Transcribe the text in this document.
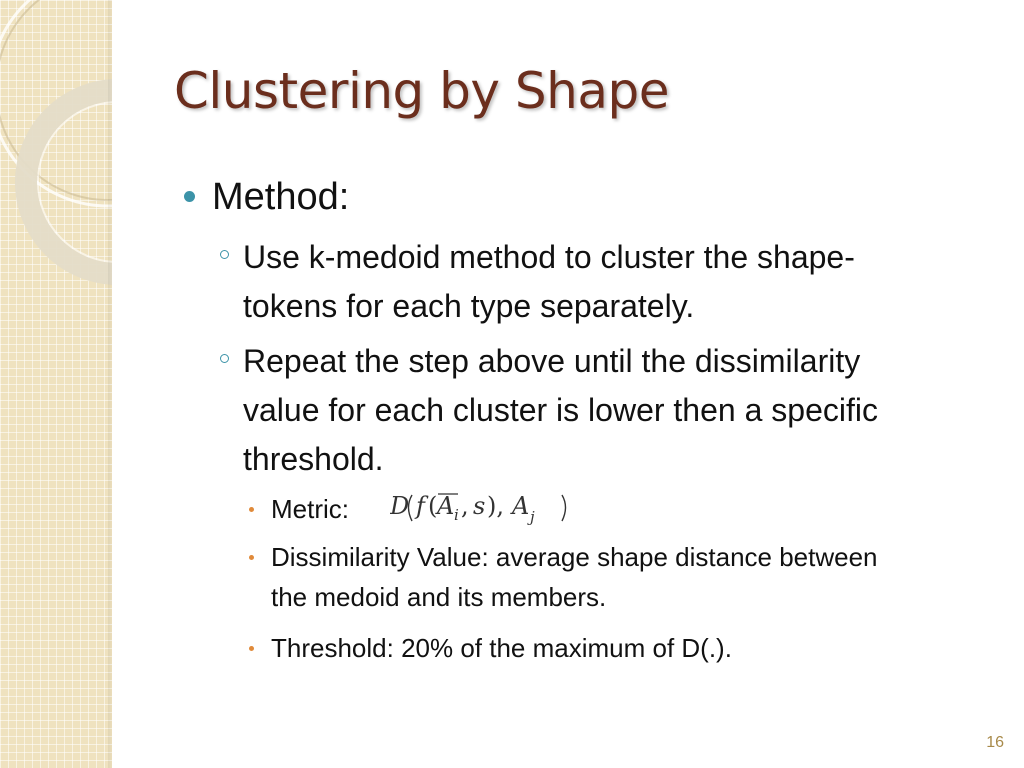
Clustering by Shape
Method:
Use k-medoid method to cluster the shape-
tokens for each type separately.
Repeat the step above until the dissimilarity
value for each cluster is lower then a specific
threshold.
Metric:	D f ( A i , s ), A j
Dissimilarity Value: average shape distance between
the medoid and its members.
Threshold: 20% of the maximum of D(.).
16
